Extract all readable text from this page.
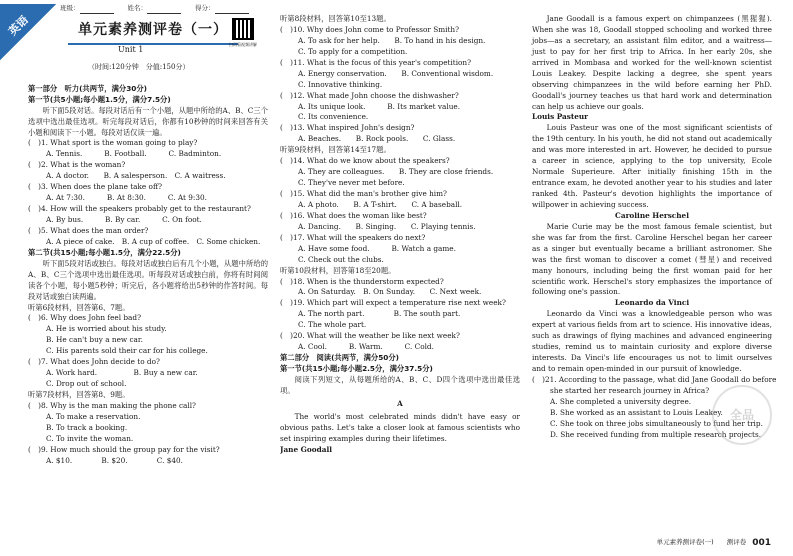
班级：	姓名：	得分：
英语	单元素养测评卷（一）
Unit 1
扫码看视频讲解
（时间:120分钟　分值:150分）
第一部分　听力(共两节，满分30分)
第一节(共5小题;每小题1.5分，满分7.5分)
听下面5段对话。每段对话后有一个小题，从题中所给的A、B、C三个选项中选出最佳选项。听完每段对话后，你都有10秒钟的时间来回答有关小题和阅读下一小题。每段对话仅读一遍。
(　)1. What sport is the woman going to play?
A. Tennis.　　　B. Football.　　　C. Badminton.
(　)2. What is the woman?
A. A doctor.　　B. A salesperson.　C. A waitress.
(　)3. When does the plane take off?
A. At 7:30.　　　B. At 8:30.　　　C. At 9:30.
(　)4. How will the speakers probably get to the restaurant?
A. By bus.　　　B. By car.　　　C. On foot.
(　)5. What does the man order?
A. A piece of cake.　B. A cup of coffee.　C. Some chicken.
第二节(共15小题;每小题1.5分，满分22.5分)
听下面5段对话或独白。每段对话或独白后有几个小题，从题中所给的A、B、C三个选项中选出最佳选项。听每段对话或独白前，你将有时间阅读各个小题，每小题5秒钟；听完后，各小题将给出5秒钟的作答时间。每段对话或独白读两遍。
听第6段材料，回答第6、7题。
(　)6. Why does John feel bad?
A. He is worried about his study.
B. He can't buy a new car.
C. His parents sold their car for his college.
(　)7. What does John decide to do?
A. Work hard.　　　　　B. Buy a new car.
C. Drop out of school.
听第7段材料，回答第8、9题。
(　)8. Why is the man making the phone call?
A. To make a reservation.
B. To track a booking.
C. To invite the woman.
(　)9. How much should the group pay for the visit?
A. $10.　　　　B. $20.　　　　C. $40.
听第8段材料，回答第10至13题。
(　)10. Why does John come to Professor Smith?
A. To ask for her help.　　B. To hand in his design.
C. To apply for a competition.
(　)11. What is the focus of this year's competition?
A. Energy conservation.　　B. Conventional wisdom.
C. Innovative thinking.
(　)12. What made John choose the dishwasher?
A. Its unique look.　　　B. Its market value.
C. Its convenience.
(　)13. What inspired John's design?
A. Beaches.　　B. Rock pools.　　C. Glass.
听第9段材料，回答第14至17题。
(　)14. What do we know about the speakers?
A. They are colleagues.　　B. They are close friends.
C. They've never met before.
(　)15. What did the man's brother give him?
A. A photo.　　B. A T-shirt.　　C. A baseball.
(　)16. What does the woman like best?
A. Dancing.　　B. Singing.　　C. Playing tennis.
(　)17. What will the speakers do next?
A. Have some food.　　　B. Watch a game.
C. Check out the clubs.
听第10段材料，回答第18至20题。
(　)18. When is the thunderstorm expected?
A. On Saturday.　B. On Sunday.　　C. Next week.
(　)19. Which part will expect a temperature rise next week?
A. The north part.　　　　B. The south part.
C. The whole part.
(　)20. What will the weather be like next week?
A. Cool.　　　B. Warm.　　　C. Cold.
第二部分　阅读(共两节，满分50分)
第一节(共15小题;每小题2.5分，满分37.5分)
阅读下列短文，从每题所给的A、B、C、D四个选项中选出最佳选项。
A
The world's most celebrated minds didn't have easy or obvious paths. Let's take a closer look at famous scientists who set inspiring examples during their lifetimes.
Jane Goodall
Jane Goodall is a famous expert on chimpanzees (黑猩猩). When she was 18, Goodall stopped schooling and worked three jobs—as a secretary, an assistant film editor, and a waitress—just to pay for her first trip to Africa. In her early 20s, she arrived in Mombasa and worked for the well-known scientist Louis Leakey. Despite lacking a degree, she spent years observing chimpanzees in the wild before earning her PhD. Goodall's journey teaches us that hard work and determination can help us achieve our goals.
Louis Pasteur
Louis Pasteur was one of the most significant scientists of the 19th century. In his youth, he did not stand out academically and was more interested in art. However, he decided to pursue a career in science, applying to the top university, Ecole Normale Superieure. After initially finishing 15th in the entrance exam, he devoted another year to his studies and later ranked 4th. Pasteur's devotion highlights the importance of willpower in achieving success.
Caroline Herschel
Marie Curie may be the most famous female scientist, but she was far from the first. Caroline Herschel began her career as a singer but eventually became a brilliant astronomer. She was the first woman to discover a comet (彗星) and received many honours, including being the first woman paid for her scientific work. Herschel's story emphasizes the importance of following one's passion.
Leonardo da Vinci
Leonardo da Vinci was a knowledgeable person who was expert at various fields from art to science. His innovative ideas, such as drawings of flying machines and advanced engineering studies, remind us to maintain curiosity and explore diverse interests. Da Vinci's life encourages us not to limit ourselves and to remain open-minded in our pursuit of knowledge.
(　)21. According to the passage, what did Jane Goodall do before
she started her research journey in Africa?
A. She completed a university degree.
B. She worked as an assistant to Louis Leakey.
C. She took on three jobs simultaneously to fund her trip.
D. She received funding from multiple research projects.
全品
单元素养测评卷(一)　　测评卷 001
